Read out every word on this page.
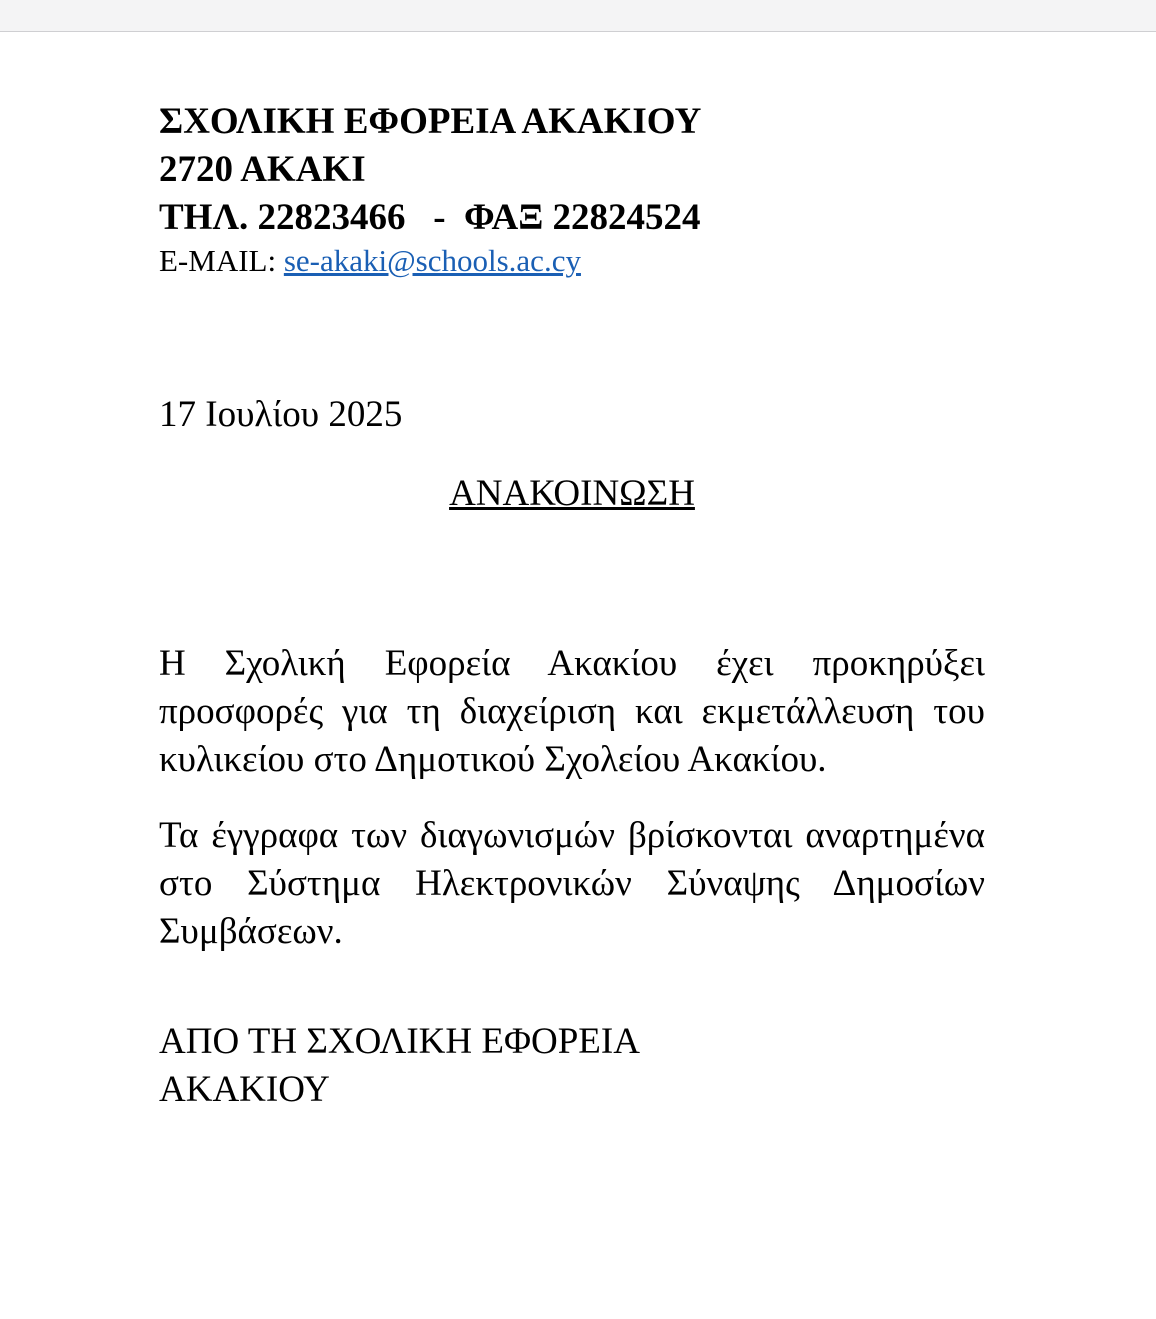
ΣΧΟΛΙΚΗ ΕΦΟΡΕΙΑ ΑΚΑΚΙΟΥ
2720 ΑΚΑΚΙ
ΤΗΛ. 22823466   -  ΦΑΞ 22824524
E-MAIL: se-akaki@schools.ac.cy
17 Ιουλίου 2025
ΑΝΑΚΟΙΝΩΣΗ

Η Σχολική Εφορεία Ακακίου έχει προκηρύξει προσφορές για τη διαχείριση και εκμετάλλευση του κυλικείου στο Δημοτικού Σχολείου Ακακίου.

Τα έγγραφα των διαγωνισμών βρίσκονται αναρτημένα στο Σύστημα Ηλεκτρονικών Σύναψης Δημοσίων Συμβάσεων.

ΑΠΟ ΤΗ ΣΧΟΛΙΚΗ ΕΦΟΡΕΙΑ
ΑΚΑΚΙΟΥ
